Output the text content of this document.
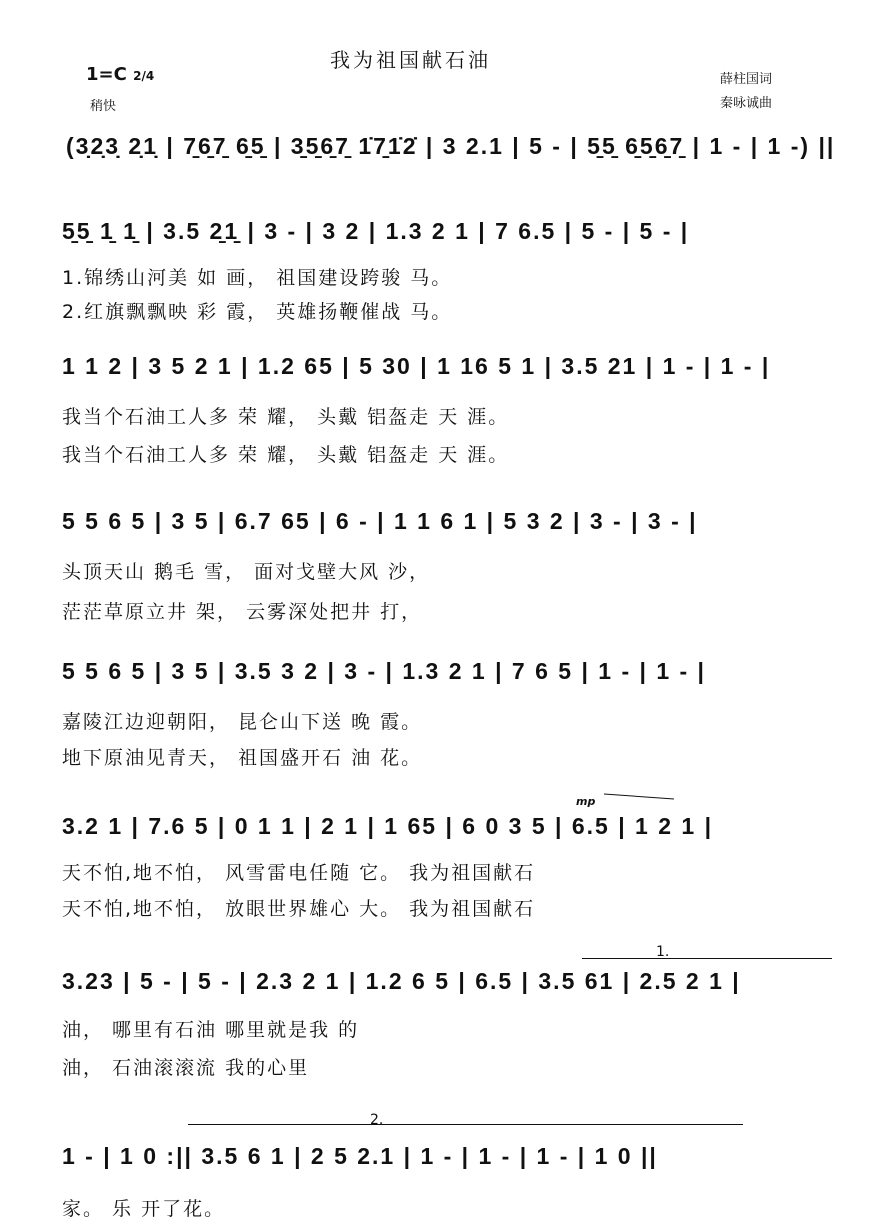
我为祖国献石油
1=C 2/4
稍快
薛柱国词
秦咏诚曲
(3̣2̣3̣ 2̣1̣ | 7̱6̱7̱ 6̱5̱ | 3̱5̱6̱7̱ 1̇7̱1̇2̇ | 3 2.1 | 5 - | 5̱5̱ 6̱5̱6̱7̱ | 1 - | 1 -) ||
5̱5̱ 1̱ 1̱ | 3.5 2̱1̱ | 3 - | 3 2 | 1.3 2 1 | 7 6.5 | 5 - | 5 - |
1.锦绣山河美 如 画， 祖国建设跨骏 马。
2.红旗飘飘映 彩 霞， 英雄扬鞭催战 马。
1 1 2 | 3 5 2 1 | 1.2 65 | 5 30 | 1 16 5 1 | 3.5 21 | 1 - | 1 - |
我当个石油工人多 荣 耀， 头戴 铝盔走 天 涯。
我当个石油工人多 荣 耀， 头戴 铝盔走 天 涯。
5 5 6 5 | 3 5 | 6.7 65 | 6 - | 1 1 6 1 | 5 3 2 | 3 - | 3 - |
头顶天山 鹅毛 雪， 面对戈壁大风 沙，
茫茫草原立井 架， 云雾深处把井 打，
5 5 6 5 | 3 5 | 3.5 3 2 | 3 - | 1.3 2 1 | 7 6 5 | 1 - | 1 - |
嘉陵江边迎朝阳， 昆仑山下送 晚 霞。
地下原油见青天， 祖国盛开石 油 花。
3.2 1 | 7.6 5 | 0 1 1 | 2 1 | 1 65 | 6 0 3 5 | 6.5 | 1 2 1 |
天不怕,地不怕， 风雪雷电任随 它。 我为祖国献石
天不怕,地不怕， 放眼世界雄心 大。 我为祖国献石
3.23 | 5 - | 5 - | 2.3 2 1 | 1.2 6 5 | 6.5 | 3.5 61 | 2.5 2 1 |
油， 哪里有石油 哪里就是我 的
油， 石油滚滚流 我的心里
1 - | 1 0 :|| 3.5 6 1 | 2 5 2.1 | 1 - | 1 - | 1 - | 1 0 ||
家。 乐 开了花。
mp
1.
2.
